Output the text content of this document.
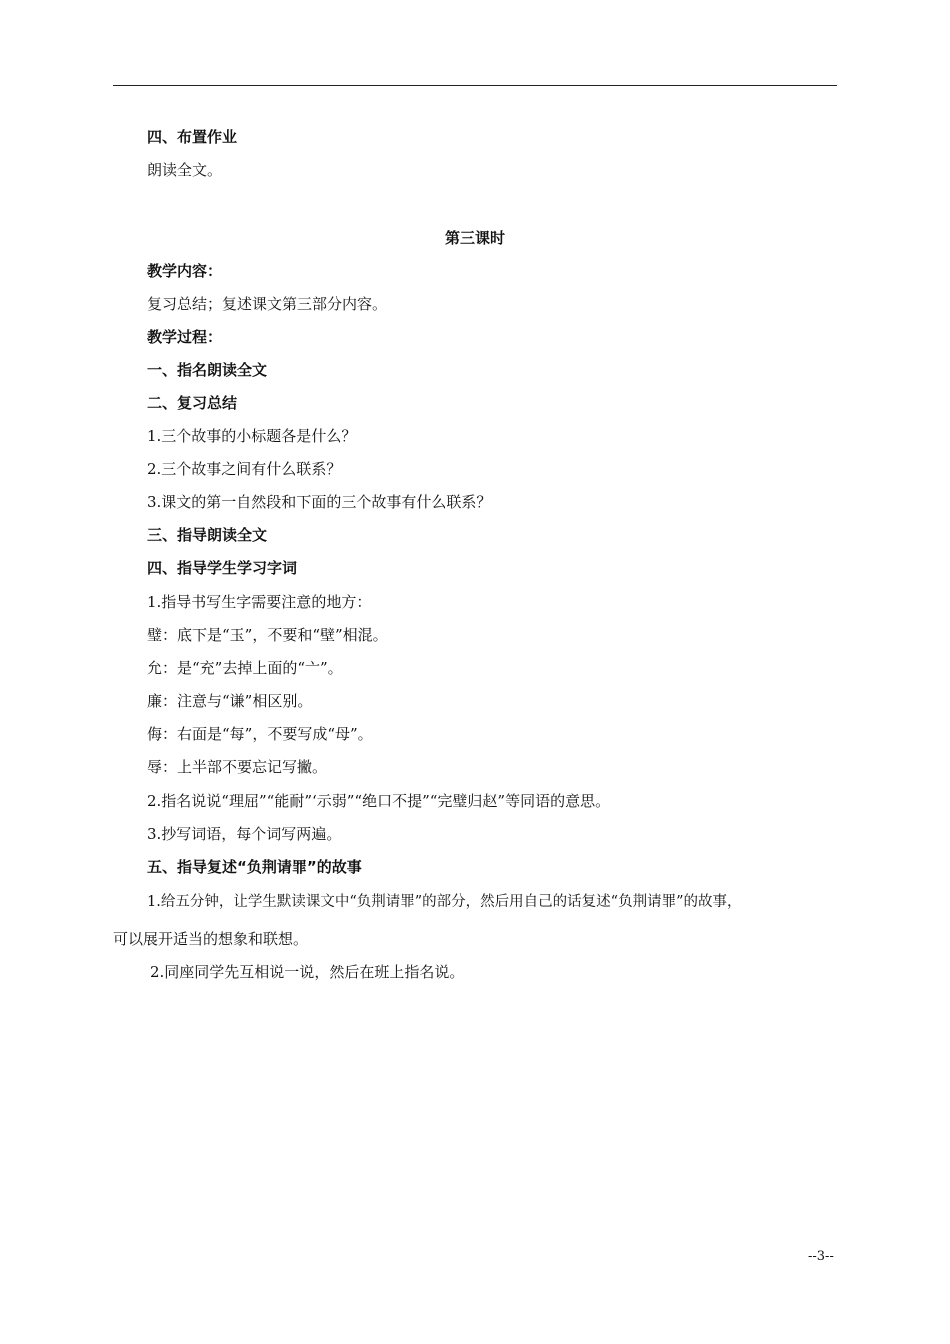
四、布置作业
朗读全文。
第三课时
教学内容：
复习总结；复述课文第三部分内容。
教学过程：
一、指名朗读全文
二、复习总结
1.三个故事的小标题各是什么？
2.三个故事之间有什么联系？
3.课文的第一自然段和下面的三个故事有什么联系？
三、指导朗读全文
四、指导学生学习字词
1.指导书写生字需要注意的地方：
璧：底下是“玉”，不要和“壁”相混。
允：是“充”去掉上面的“亠”。
廉：注意与“谦”相区别。
侮：右面是“每”，不要写成“母”。
辱：上半部不要忘记写撇。
2.指名说说“理屈”“能耐”‘示弱”“绝口不提”“完璧归赵”等同语的意思。
3.抄写词语，每个词写两遍。
五、指导复述“负荆请罪”的故事
1.给五分钟，让学生默读课文中“负荆请罪”的部分，然后用自己的话复述“负荆请罪”的故事，
可以展开适当的想象和联想。
2.同座同学先互相说一说，然后在班上指名说。
--3--
